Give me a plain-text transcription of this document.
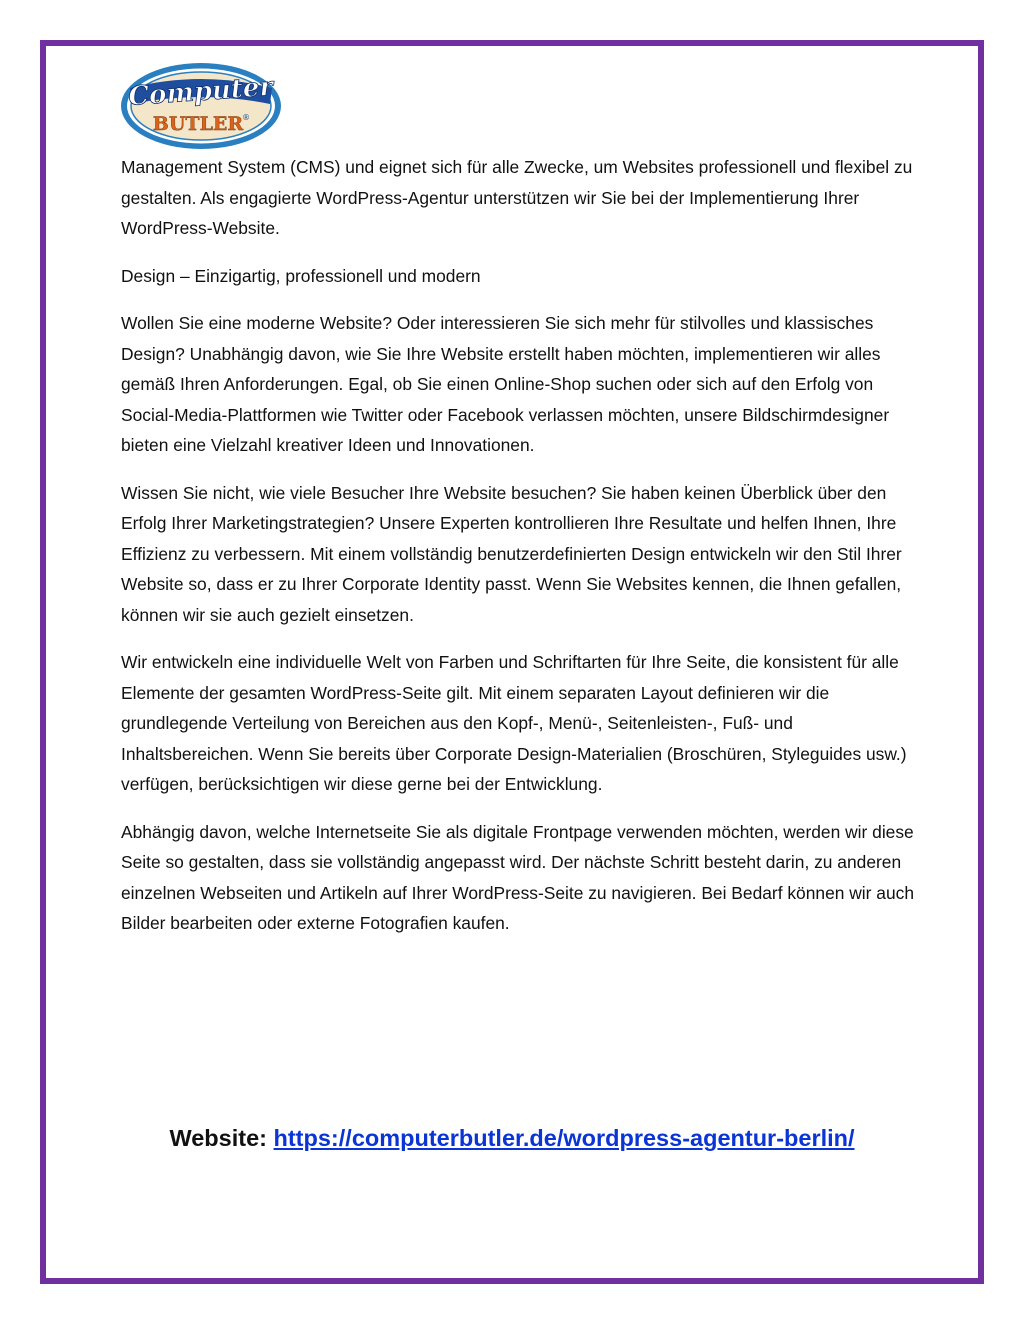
Computer
BUTLER
®

Management System (CMS) und eignet sich für alle Zwecke, um Websites professionell und flexibel zu gestalten. Als engagierte WordPress-Agentur unterstützen wir Sie bei der Implementierung Ihrer WordPress-Website.

Design – Einzigartig, professionell und modern

Wollen Sie eine moderne Website? Oder interessieren Sie sich mehr für stilvolles und klassisches Design? Unabhängig davon, wie Sie Ihre Website erstellt haben möchten, implementieren wir alles gemäß Ihren Anforderungen. Egal, ob Sie einen Online-Shop suchen oder sich auf den Erfolg von Social-Media-Plattformen wie Twitter oder Facebook verlassen möchten, unsere Bildschirmdesigner bieten eine Vielzahl kreativer Ideen und Innovationen.

Wissen Sie nicht, wie viele Besucher Ihre Website besuchen? Sie haben keinen Überblick über den Erfolg Ihrer Marketingstrategien? Unsere Experten kontrollieren Ihre Resultate und helfen Ihnen, Ihre Effizienz zu verbessern. Mit einem vollständig benutzerdefinierten Design entwickeln wir den Stil Ihrer Website so, dass er zu Ihrer Corporate Identity passt. Wenn Sie Websites kennen, die Ihnen gefallen, können wir sie auch gezielt einsetzen.

Wir entwickeln eine individuelle Welt von Farben und Schriftarten für Ihre Seite, die konsistent für alle Elemente der gesamten WordPress-Seite gilt. Mit einem separaten Layout definieren wir die grundlegende Verteilung von Bereichen aus den Kopf-, Menü-, Seitenleisten-, Fuß- und Inhaltsbereichen. Wenn Sie bereits über Corporate Design-Materialien (Broschüren, Styleguides usw.) verfügen, berücksichtigen wir diese gerne bei der Entwicklung.

Abhängig davon, welche Internetseite Sie als digitale Frontpage verwenden möchten, werden wir diese Seite so gestalten, dass sie vollständig angepasst wird. Der nächste Schritt besteht darin, zu anderen einzelnen Webseiten und Artikeln auf Ihrer WordPress-Seite zu navigieren. Bei Bedarf können wir auch Bilder bearbeiten oder externe Fotografien kaufen.

Website: https://computerbutler.de/wordpress-agentur-berlin/
